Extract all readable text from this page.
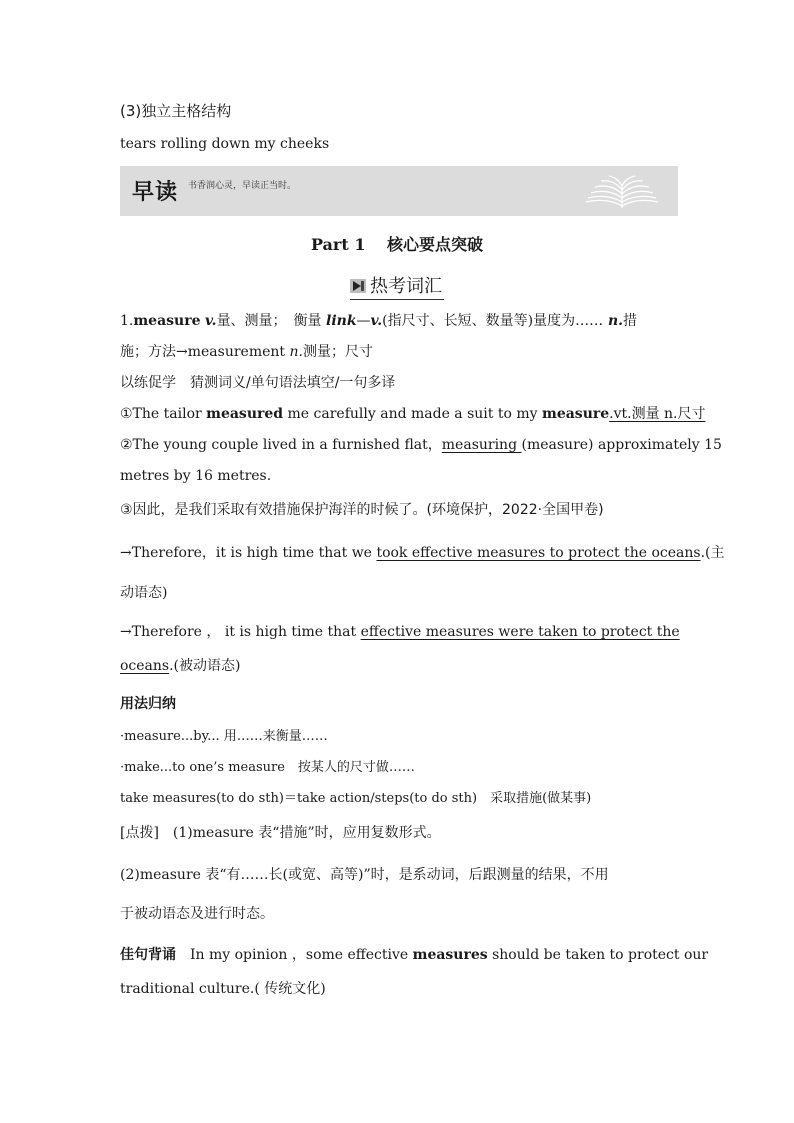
(3)独立主格结构
tears rolling down my cheeks
早读 书香润心灵，早读正当时。
Part 1　 核心要点突破
热考词汇
1.measure v.量、测量；　衡量 link—v.(指尺寸、长短、数量等)量度为…… n.措
施；方法→measurement n.测量；尺寸
以练促学　猜测词义/单句语法填空/一句多译
①The tailor measured me carefully and made a suit to my measure.vt.测量 n.尺寸
②The young couple lived in a furnished flat，measuring (measure) approximately 15
metres by 16 metres.
③因此，是我们采取有效措施保护海洋的时候了。(环境保护，2022·全国甲卷)
→Therefore，it is high time that we took effective measures to protect the oceans.(主
动语态)
→Therefore ， it is high time that effective measures were taken to protect the
oceans.(被动语态)
用法归纳
·measure...by... 用……来衡量……
·make...to one’s measure　按某人的尺寸做……
take measures(to do sth)＝take action/steps(to do sth)　采取措施(做某事)
[点拨]　(1)measure 表“措施”时，应用复数形式。
(2)measure 表“有……长(或宽、高等)”时，是系动词，后跟测量的结果，不用
于被动语态及进行时态。
佳句背诵　In my opinion ，some effective measures should be taken to protect our
traditional culture.( 传统文化)
